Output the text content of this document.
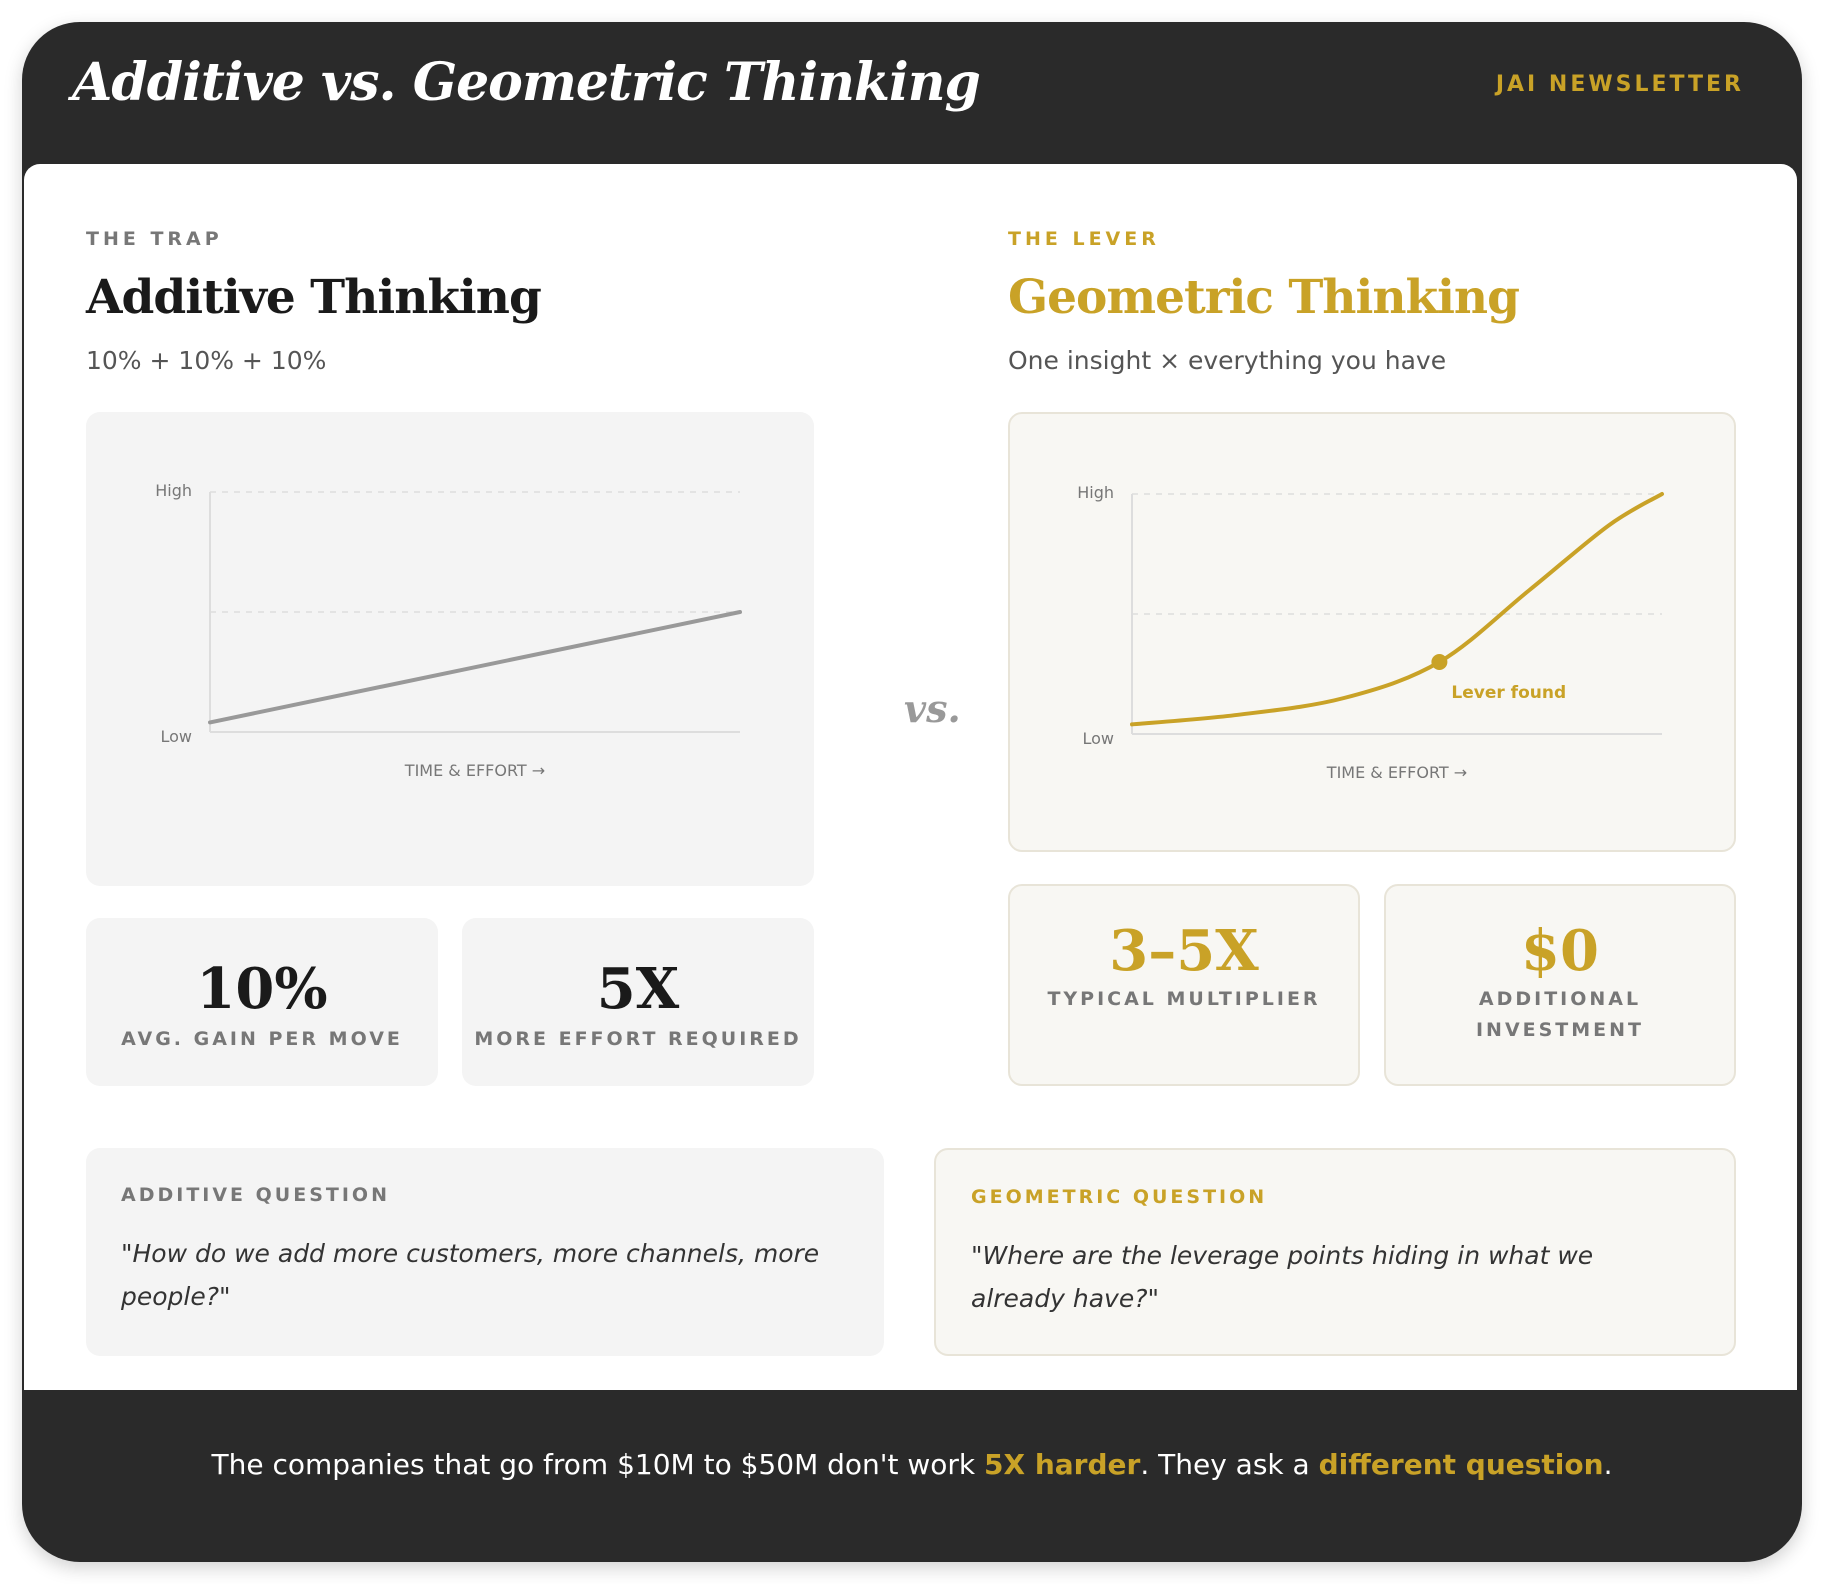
Additive vs. Geometric Thinking	JAI NEWSLETTER
THE TRAP
Additive Thinking
10% + 10% + 10%
High
Low
TIME & EFFORT →
10%
AVG. GAIN PER MOVE
5X
MORE EFFORT REQUIRED
vs.
THE LEVER
Geometric Thinking
One insight × everything you have
High
Low
TIME & EFFORT →
Lever found
3–5X
TYPICAL MULTIPLIER
$0
ADDITIONAL INVESTMENT
ADDITIVE QUESTION
"How do we add more customers, more channels, more people?"
GEOMETRIC QUESTION
"Where are the leverage points hiding in what we already have?"
The companies that go from $10M to $50M don't work 5X harder. They ask a different question.
